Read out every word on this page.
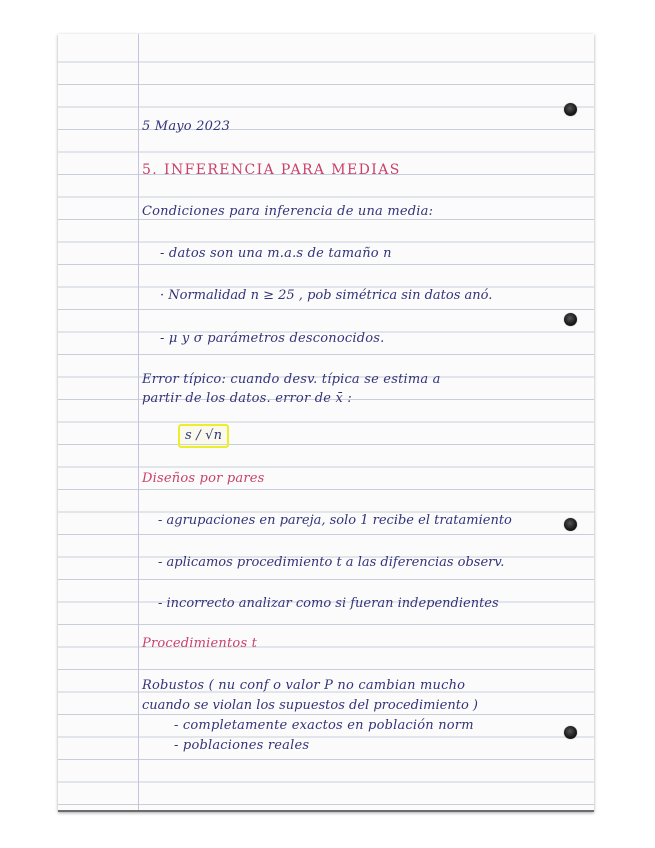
5 Mayo 2023
5. INFERENCIA PARA MEDIAS
Condiciones para inferencia de una media:
- datos son una m.a.s de tamaño n
· Normalidad n ≥ 25 , pob simétrica sin datos anó.
- μ y σ parámetros desconocidos.
Error típico: cuando desv. típica se estima a
partir de los datos. error de x̄ :
s / √n
Diseños por pares
- agrupaciones en pareja, solo 1 recibe el tratamiento
- aplicamos procedimiento t a las diferencias observ.
- incorrecto analizar como si fueran independientes
Procedimientos t
Robustos ( nu conf o valor P no cambian mucho
cuando se violan los supuestos del procedimiento )
- completamente exactos en población norm
- poblaciones reales
